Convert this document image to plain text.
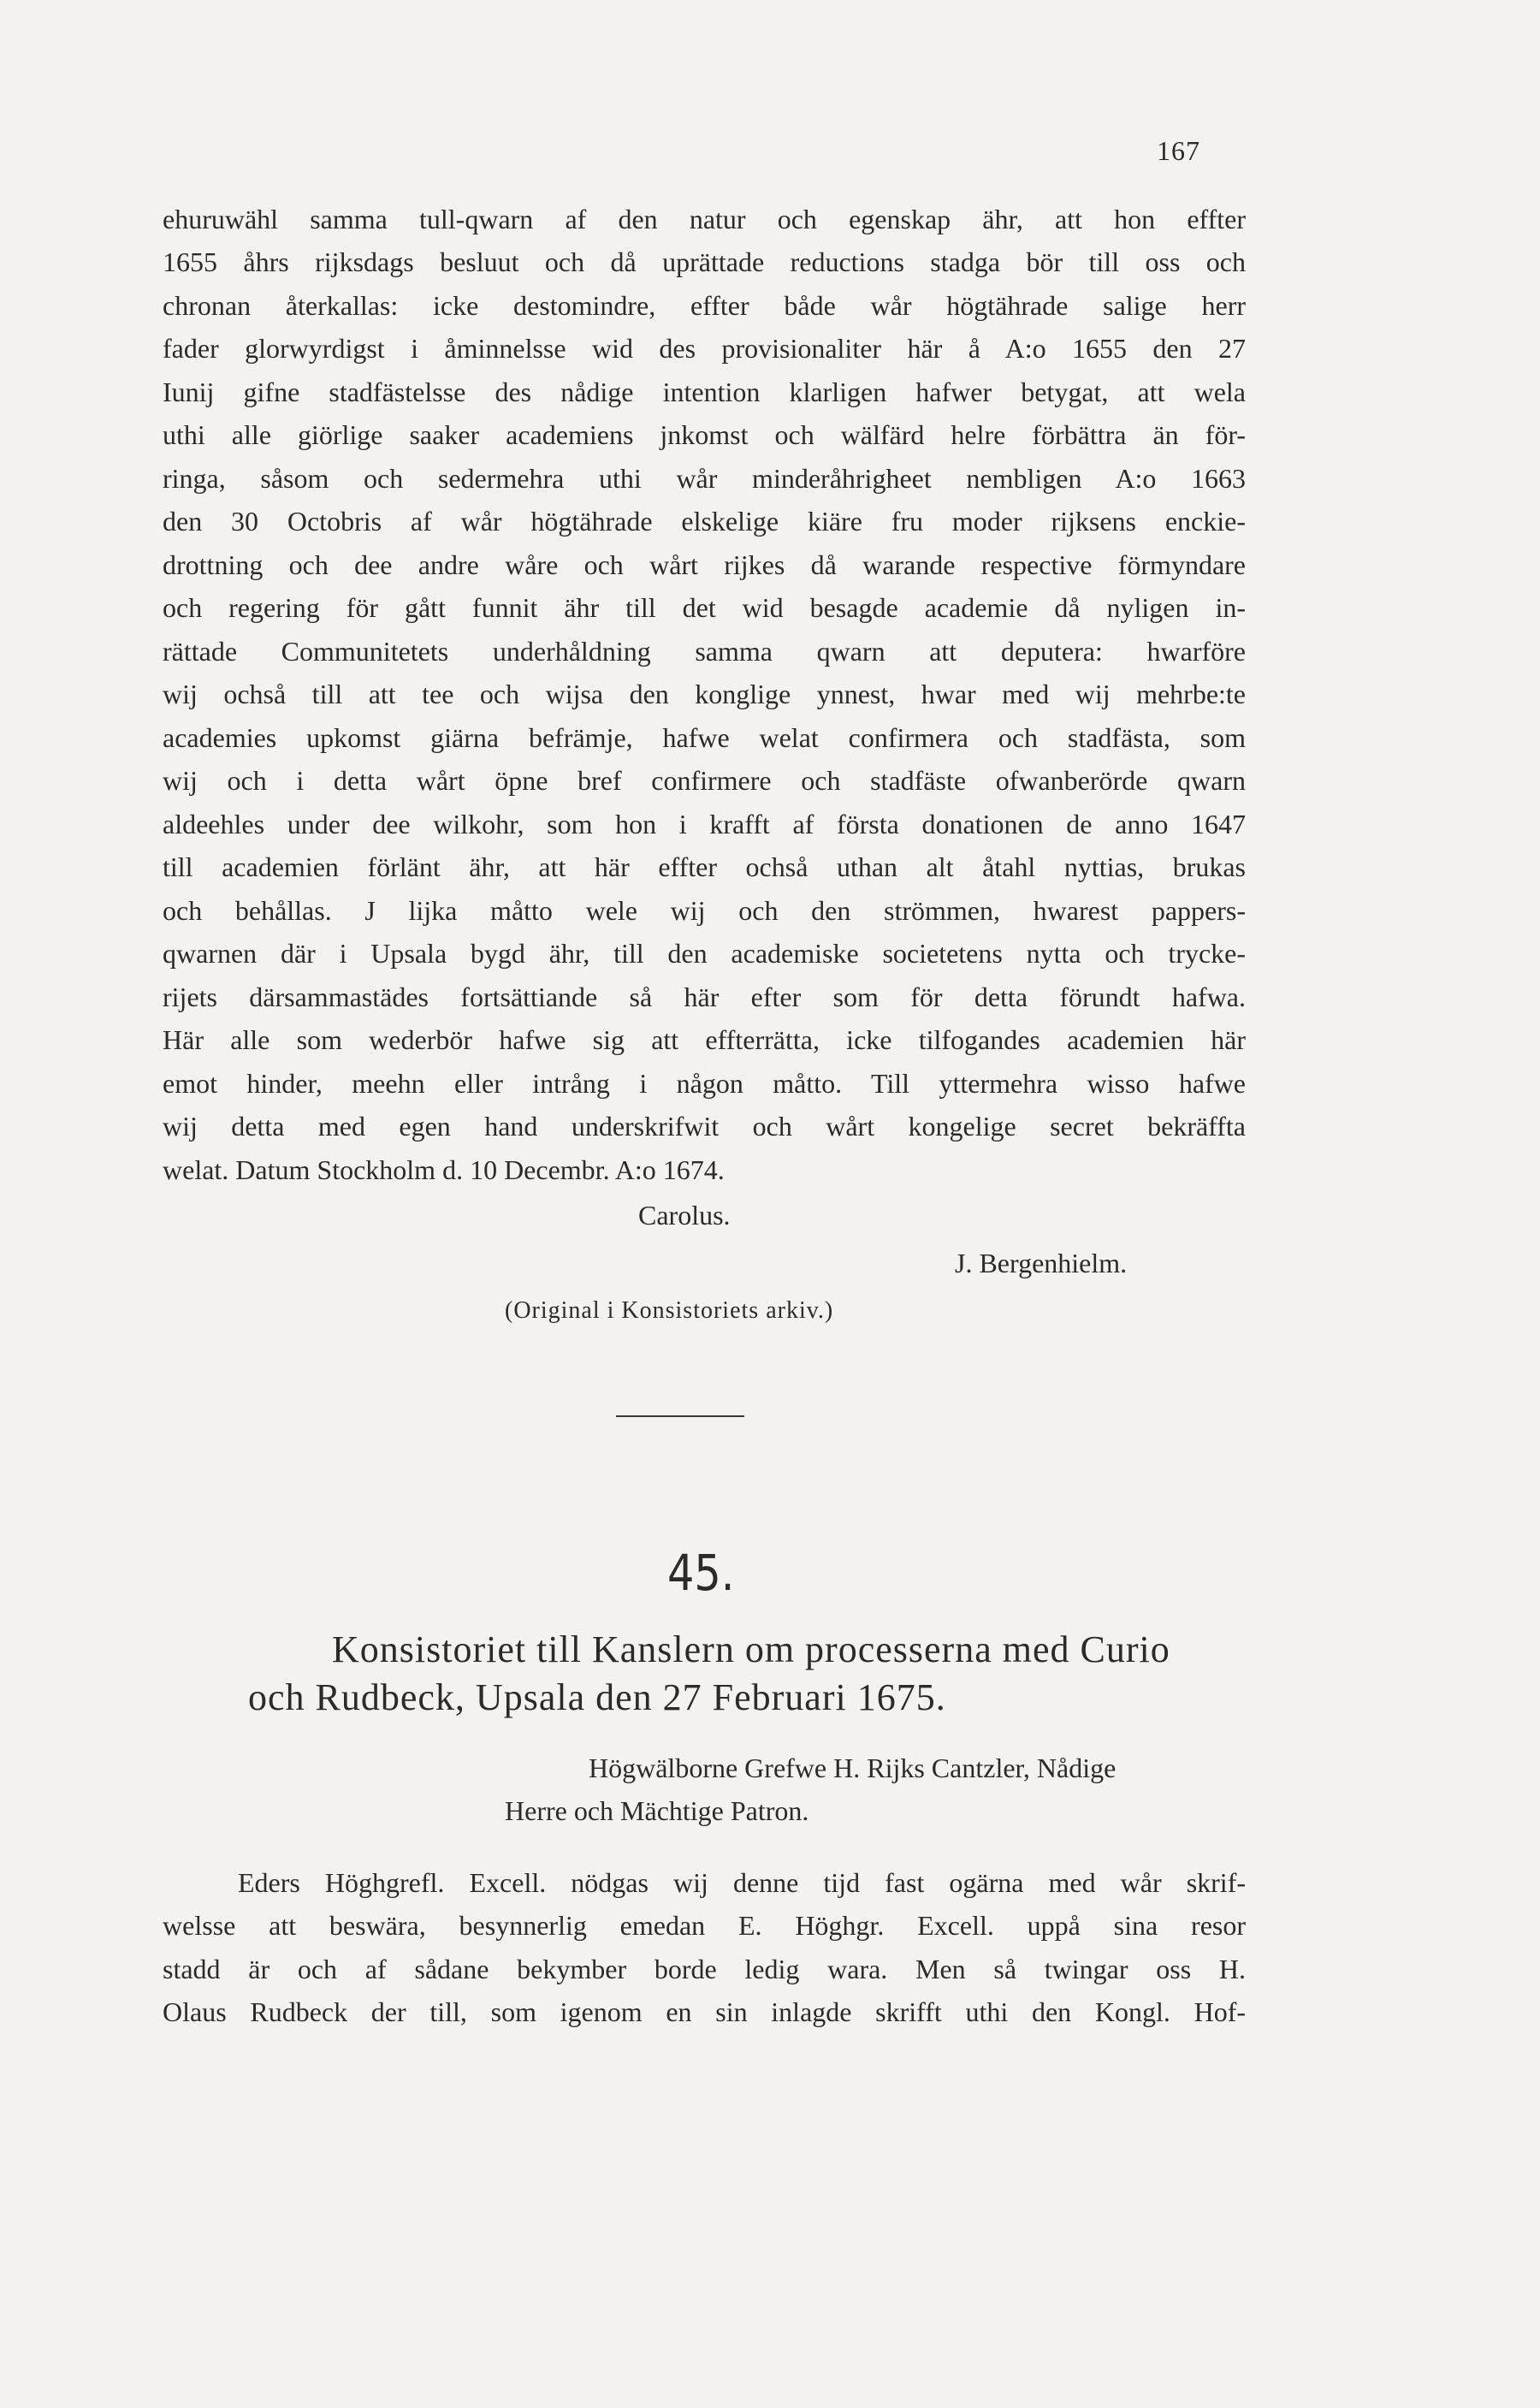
167
ehuruwähl samma tull-qwarn af den natur och egenskap ähr, att hon effter
1655 åhrs rijksdags besluut och då uprättade reductions stadga bör till oss och
chronan återkallas: icke destomindre, effter både wår högtährade salige herr
fader glorwyrdigst i åminnelsse wid des provisionaliter här å A:o 1655 den 27
Iunij gifne stadfästelsse des nådige intention klarligen hafwer betygat, att wela
uthi alle giörlige saaker academiens jnkomst och wälfärd helre förbättra än för-
ringa, såsom och sedermehra uthi wår minderåhrigheet nembligen A:o 1663
den 30 Octobris af wår högtährade elskelige kiäre fru moder rijksens enckie-
drottning och dee andre wåre och wårt rijkes då warande respective förmyndare
och regering för gått funnit ähr till det wid besagde academie då nyligen in-
rättade Communitetets underhåldning samma qwarn att deputera: hwarföre
wij ochså till att tee och wijsa den konglige ynnest, hwar med wij mehrbe:te
academies upkomst giärna befrämje, hafwe welat confirmera och stadfästa, som
wij och i detta wårt öpne bref confirmere och stadfäste ofwanberörde qwarn
aldeehles under dee wilkohr, som hon i krafft af första donationen de anno 1647
till academien förlänt ähr, att här effter ochså uthan alt åtahl nyttias, brukas
och behållas. J lijka måtto wele wij och den strömmen, hwarest pappers-
qwarnen där i Upsala bygd ähr, till den academiske societetens nytta och trycke-
rijets därsammastädes fortsättiande så här efter som för detta förundt hafwa.
Här alle som wederbör hafwe sig att effterrätta, icke tilfogandes academien här
emot hinder, meehn eller intrång i någon måtto. Till yttermehra wisso hafwe
wij detta med egen hand underskrifwit och wårt kongelige secret bekräffta
welat. Datum Stockholm d. 10 Decembr. A:o 1674.
Carolus.
J. Bergenhielm.
(Original i Konsistoriets arkiv.)
45.
Konsistoriet till Kanslern om processerna med Curio
och Rudbeck, Upsala den 27 Februari 1675.
Högwälborne Grefwe H. Rijks Cantzler, Nådige
Herre och Mächtige Patron.
Eders Höghgrefl. Excell. nödgas wij denne tijd fast ogärna med wår skrif-
welsse att beswära, besynnerlig emedan E. Höghgr. Excell. uppå sina resor
stadd är och af sådane bekymber borde ledig wara. Men så twingar oss H.
Olaus Rudbeck der till, som igenom en sin inlagde skrifft uthi den Kongl. Hof-
